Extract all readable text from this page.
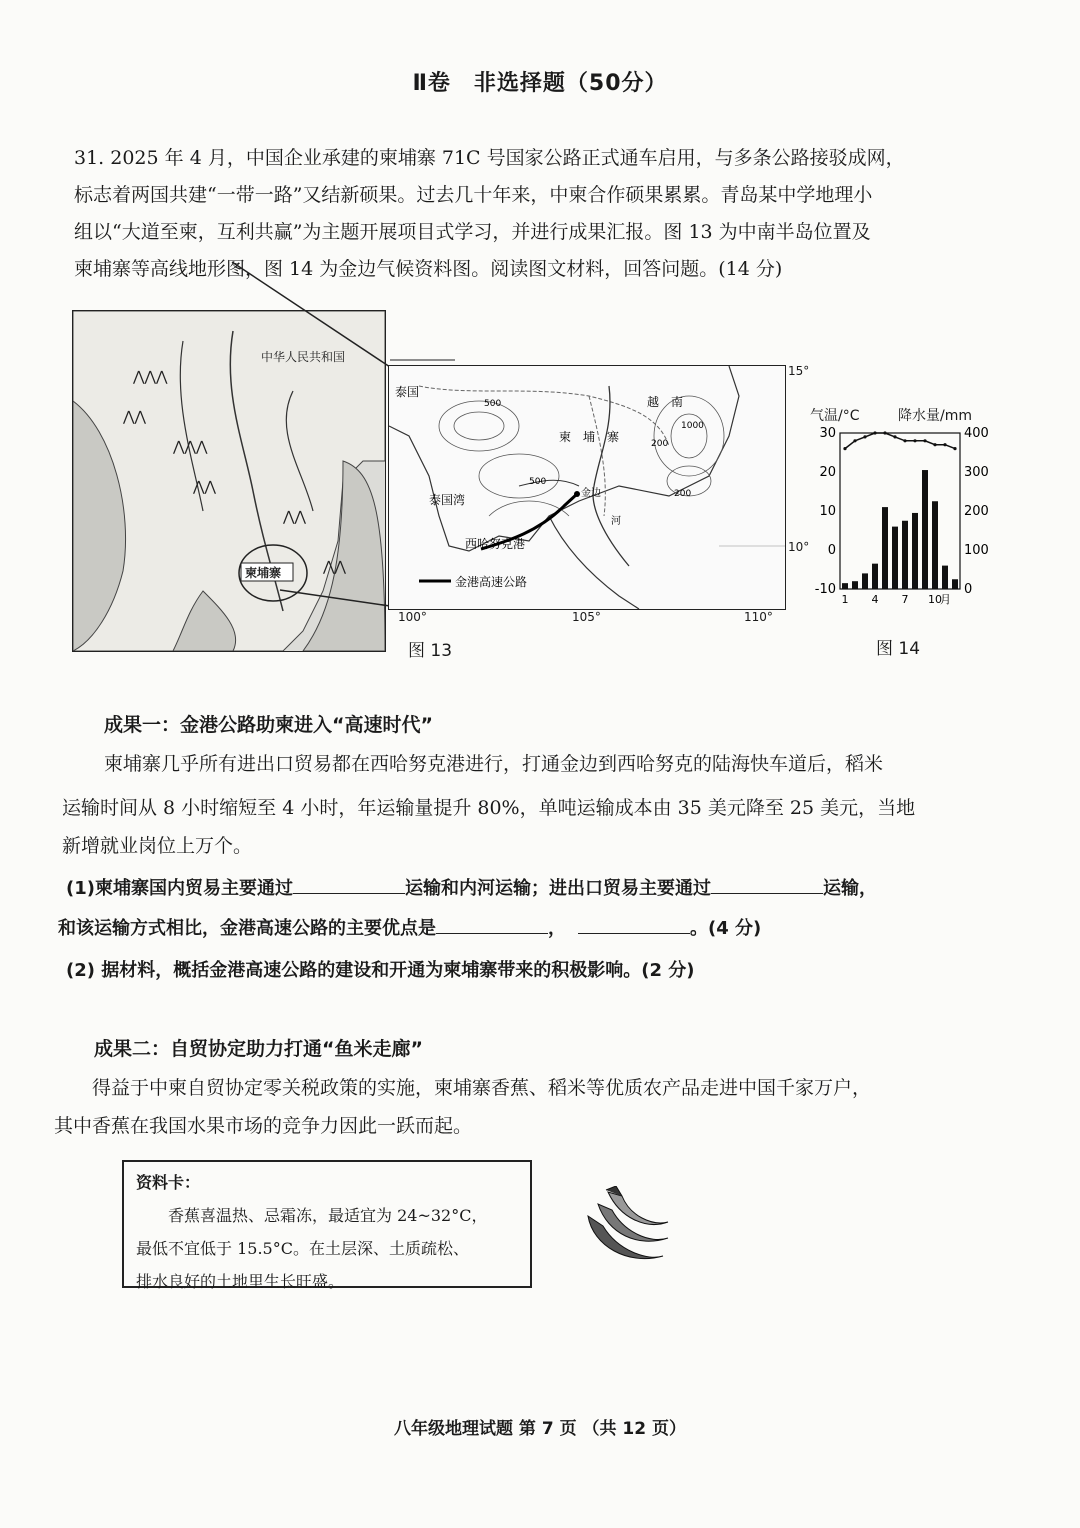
Ⅱ卷　非选择题（50分）
31. 2025 年 4 月，中国企业承建的柬埔寨 71C 号国家公路正式通车启用，与多条公路接驳成网，
标志着两国共建“一带一路”又结新硕果。过去几十年来，中柬合作硕果累累。青岛某中学地理小
组以“大道至柬，互利共赢”为主题开展项目式学习，并进行成果汇报。图 13 为中南半岛位置及
柬埔寨等高线地形图，图 14 为金边气候资料图。阅读图文材料，回答问题。(14 分)
⋀⋀⋀
⋀⋀
⋀⋀⋀
⋀⋀
⋀⋀
⋀⋀
中华人民共和国
柬埔寨
泰国
柬　埔　寨
越　南
泰国湾
西哈努克港
金边
河
500
500
200
200
1000
金港高速公路
15°
10°
100°	105°	110°
图 13
气温/°C	降水量/mm
-10
0
10
20
30
0
100
200
300
400
1 4 7 10
月
图 14
成果一：金港公路助柬进入“高速时代”
柬埔寨几乎所有进出口贸易都在西哈努克港进行，打通金边到西哈努克的陆海快车道后，稻米
运输时间从 8 小时缩短至 4 小时，年运输量提升 80%，单吨运输成本由 35 美元降至 25 美元，当地
新增就业岗位上万个。
(1)柬埔寨国内贸易主要通过	运输和内河运输；进出口贸易主要通过	运输，
和该运输方式相比，金港高速公路的主要优点是	，	。(4 分)
(2) 据材料，概括金港高速公路的建设和开通为柬埔寨带来的积极影响。(2 分)
成果二：自贸协定助力打通“鱼米走廊”
得益于中柬自贸协定零关税政策的实施，柬埔寨香蕉、稻米等优质农产品走进中国千家万户，
其中香蕉在我国水果市场的竞争力因此一跃而起。
资料卡：
香蕉喜温热、忌霜冻，最适宜为 24~32°C，
最低不宜低于 15.5°C。在土层深、土质疏松、
排水良好的土地里生长旺盛。
八年级地理试题 第 7 页 （共 12 页）
